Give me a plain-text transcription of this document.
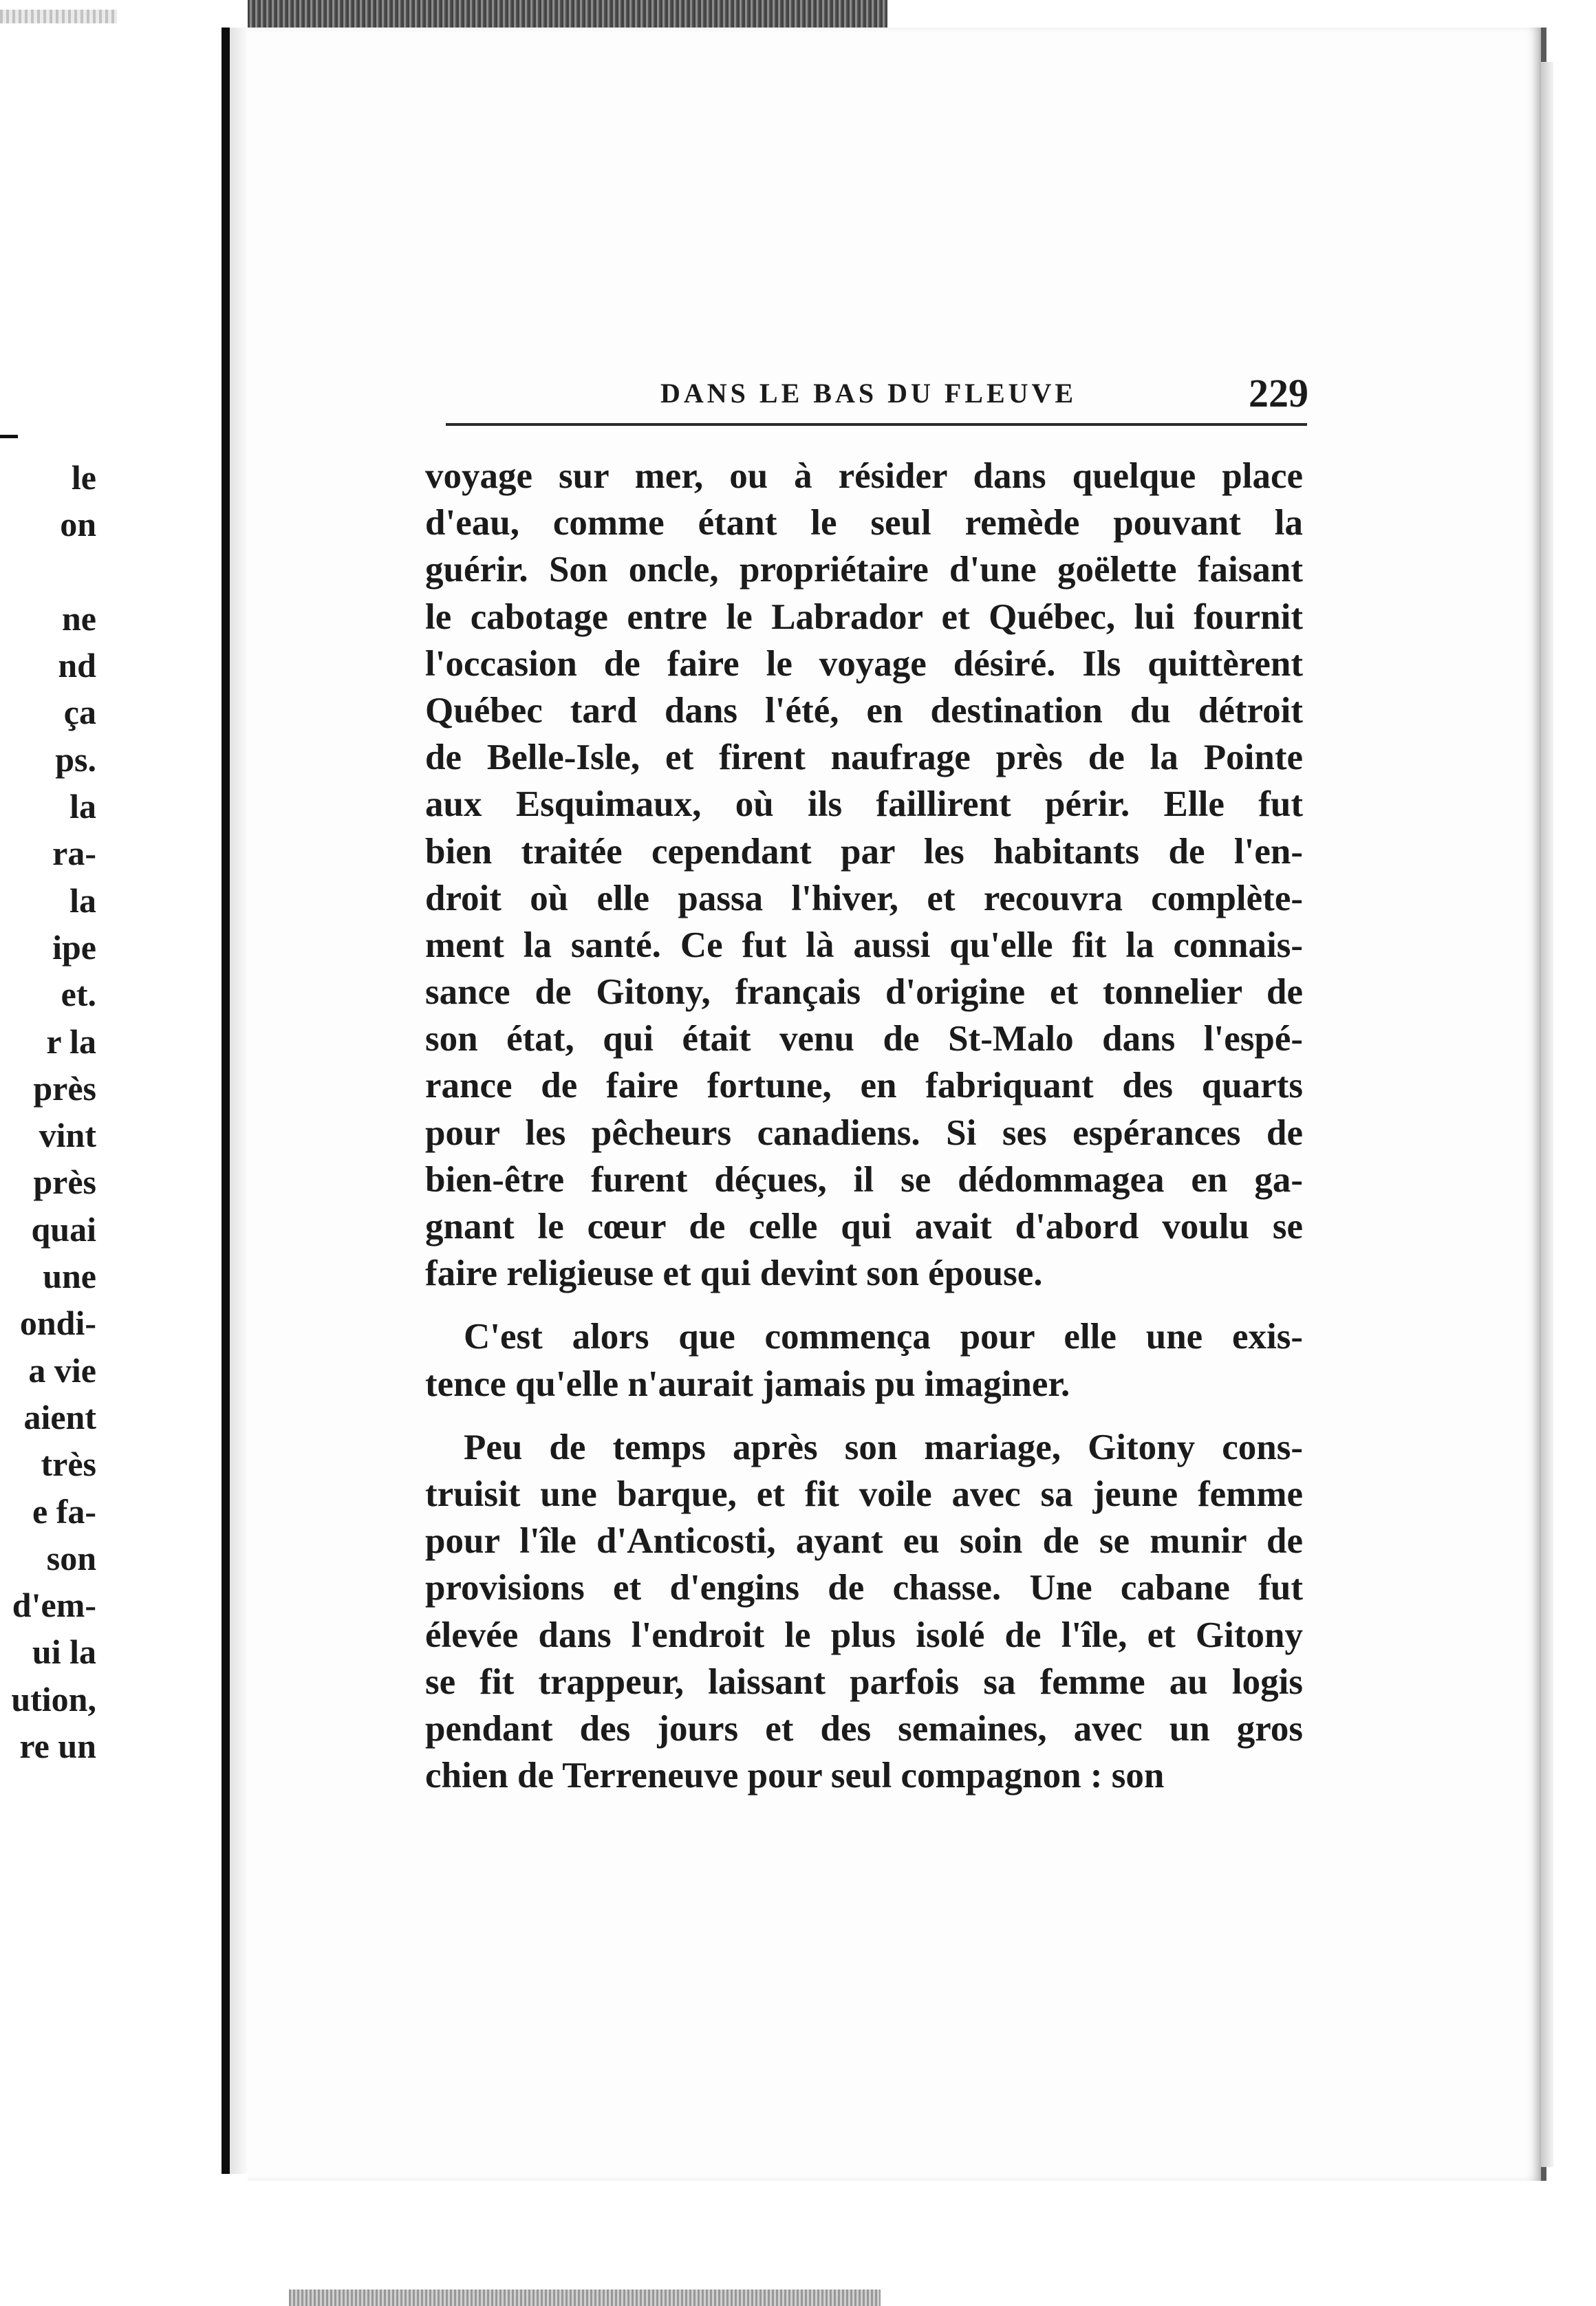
le
on
ne
nd
ça
ps.
la
ra-
la
ipe
et.
r la
près
vint
près
quai
une
ondi-
a vie
aient
très
e fa-
son
d'em-
ui la
ution,
re un
DANS LE BAS DU FLEUVE	229
voyage sur mer, ou à résider dans quelque place
d'eau, comme étant le seul remède pouvant la
guérir. Son oncle, propriétaire d'une goëlette faisant
le cabotage entre le Labrador et Québec, lui fournit
l'occasion de faire le voyage désiré. Ils quittèrent
Québec tard dans l'été, en destination du détroit
de Belle-Isle, et firent naufrage près de la Pointe
aux Esquimaux, où ils faillirent périr. Elle fut
bien traitée cependant par les habitants de l'en-
droit où elle passa l'hiver, et recouvra complète-
ment la santé. Ce fut là aussi qu'elle fit la connais-
sance de Gitony, français d'origine et tonnelier de
son état, qui était venu de St-Malo dans l'espé-
rance de faire fortune, en fabriquant des quarts
pour les pêcheurs canadiens. Si ses espérances de
bien-être furent déçues, il se dédommagea en ga-
gnant le cœur de celle qui avait d'abord voulu se
faire religieuse et qui devint son épouse.
C'est alors que commença pour elle une exis-
tence qu'elle n'aurait jamais pu imaginer.
Peu de temps après son mariage, Gitony cons-
truisit une barque, et fit voile avec sa jeune femme
pour l'île d'Anticosti, ayant eu soin de se munir de
provisions et d'engins de chasse. Une cabane fut
élevée dans l'endroit le plus isolé de l'île, et Gitony
se fit trappeur, laissant parfois sa femme au logis
pendant des jours et des semaines, avec un gros
chien de Terreneuve pour seul compagnon : son
